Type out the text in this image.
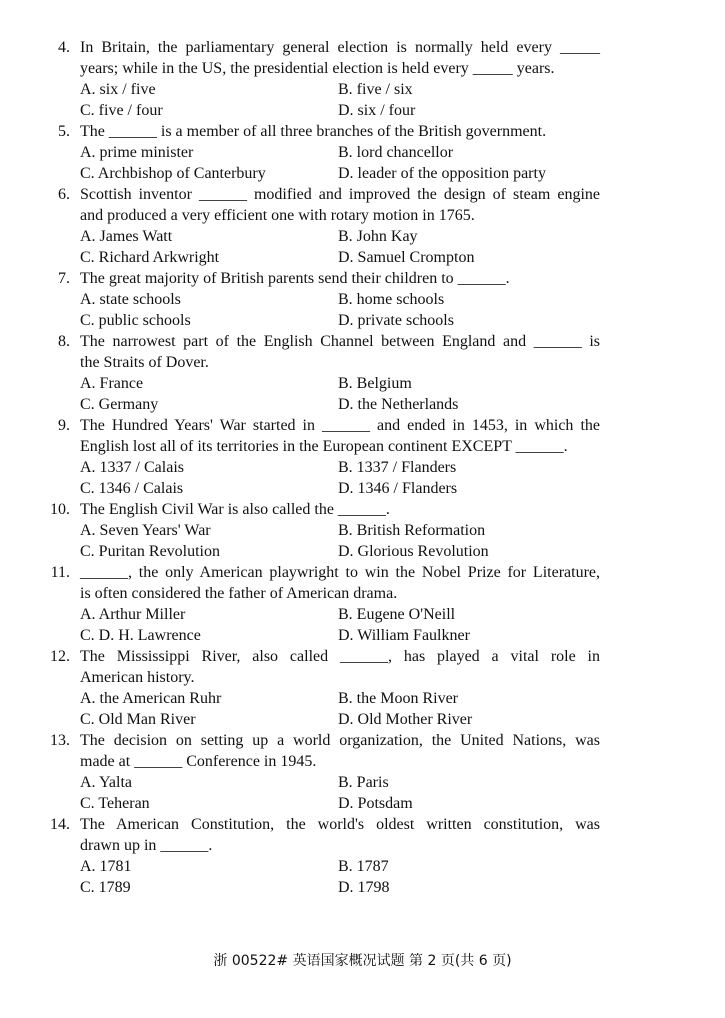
4. In Britain, the parliamentary general election is normally held every _____
years; while in the US, the presidential election is held every _____ years.
A. six / five	B. five / six
C. five / four	D. six / four
5. The ______ is a member of all three branches of the British government.
A. prime minister	B. lord chancellor
C. Archbishop of Canterbury	D. leader of the opposition party
6. Scottish inventor ______ modified and improved the design of steam engine
and produced a very efficient one with rotary motion in 1765.
A. James Watt	B. John Kay
C. Richard Arkwright	D. Samuel Crompton
7. The great majority of British parents send their children to ______.
A. state schools	B. home schools
C. public schools	D. private schools
8. The narrowest part of the English Channel between England and ______ is
the Straits of Dover.
A. France	B. Belgium
C. Germany	D. the Netherlands
9. The Hundred Years' War started in ______ and ended in 1453, in which the
English lost all of its territories in the European continent EXCEPT ______.
A. 1337 / Calais	B. 1337 / Flanders
C. 1346 / Calais	D. 1346 / Flanders
10. The English Civil War is also called the ______.
A. Seven Years' War	B. British Reformation
C. Puritan Revolution	D. Glorious Revolution
11. ______, the only American playwright to win the Nobel Prize for Literature,
is often considered the father of American drama.
A. Arthur Miller	B. Eugene O'Neill
C. D. H. Lawrence	D. William Faulkner
12. The Mississippi River, also called ______, has played a vital role in
American history.
A. the American Ruhr	B. the Moon River
C. Old Man River	D. Old Mother River
13. The decision on setting up a world organization, the United Nations, was
made at ______ Conference in 1945.
A. Yalta	B. Paris
C. Teheran	D. Potsdam
14. The American Constitution, the world's oldest written constitution, was
drawn up in ______.
A. 1781	B. 1787
C. 1789	D. 1798
浙 00522# 英语国家概况试题 第 2 页(共 6 页)
